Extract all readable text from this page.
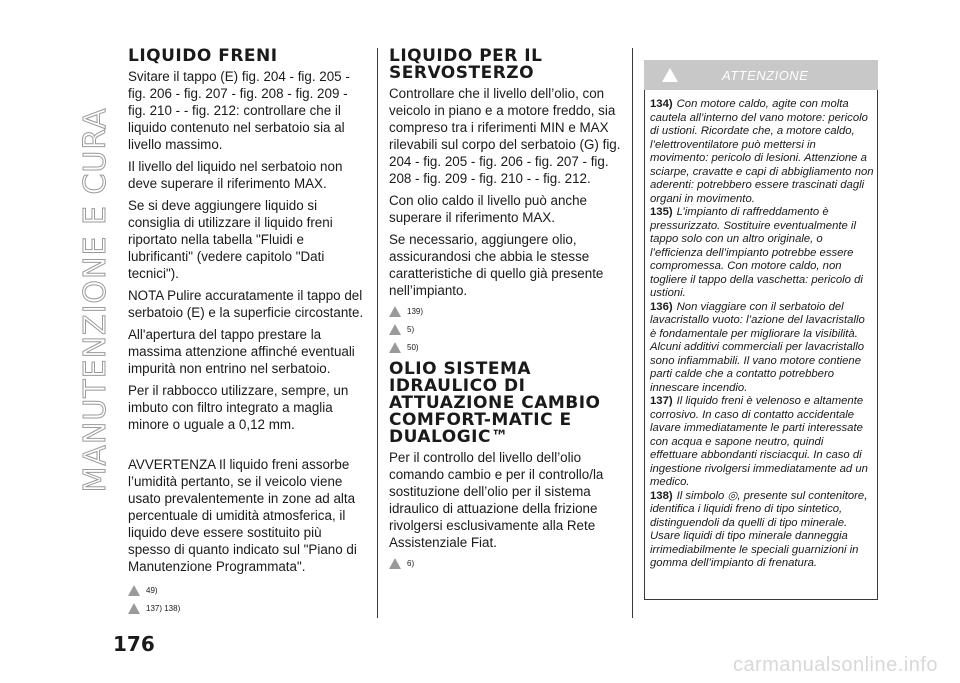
MANUTENZIONE E CURA
176
LIQUIDO FRENI

Svitare il tappo (E) fig. 204 - fig. 205 - fig. 206 - fig. 207 - fig. 208 - fig. 209 - fig. 210 - - fig. 212: controllare che il liquido contenuto nel serbatoio sia al livello massimo.

Il livello del liquido nel serbatoio non deve superare il riferimento MAX.

Se si deve aggiungere liquido si consiglia di utilizzare il liquido freni riportato nella tabella "Fluidi e lubrificanti" (vedere capitolo "Dati tecnici").

NOTA Pulire accuratamente il tappo del serbatoio (E) e la superficie circostante.

All'apertura del tappo prestare la massima attenzione affinché eventuali impurità non entrino nel serbatoio.

Per il rabbocco utilizzare, sempre, un imbuto con filtro integrato a maglia minore o uguale a 0,12 mm.

AVVERTENZA Il liquido freni assorbe l’umidità pertanto, se il veicolo viene usato prevalentemente in zone ad alta percentuale di umidità atmosferica, il liquido deve essere sostituito più spesso di quanto indicato sul "Piano di Manutenzione Programmata".

49)
137) 138)
LIQUIDO PER IL SERVOSTERZO

Controllare che il livello dell’olio, con veicolo in piano e a motore freddo, sia compreso tra i riferimenti MIN e MAX rilevabili sul corpo del serbatoio (G) fig. 204 - fig. 205 - fig. 206 - fig. 207 - fig. 208 - fig. 209 - fig. 210 - - fig. 212.

Con olio caldo il livello può anche superare il riferimento MAX.

Se necessario, aggiungere olio, assicurandosi che abbia le stesse caratteristiche di quello già presente nell’impianto.

139)
5)
50)
OLIO SISTEMA IDRAULICO DI ATTUAZIONE CAMBIO COMFORT-MATIC E DUALOGIC™

Per il controllo del livello dell’olio comando cambio e per il controllo/la sostituzione dell’olio per il sistema idraulico di attuazione della frizione rivolgersi esclusivamente alla Rete Assistenziale Fiat.

6)
ATTENZIONE
134) Con motore caldo, agite con molta cautela all’interno del vano motore: pericolo di ustioni. Ricordate che, a motore caldo, l’elettroventilatore può mettersi in movimento: pericolo di lesioni. Attenzione a sciarpe, cravatte e capi di abbigliamento non aderenti: potrebbero essere trascinati dagli organi in movimento.
135) L’impianto di raffreddamento è pressurizzato. Sostituire eventualmente il tappo solo con un altro originale, o l’efficienza dell’impianto potrebbe essere compromessa. Con motore caldo, non togliere il tappo della vaschetta: pericolo di ustioni.
136) Non viaggiare con il serbatoio del lavacristallo vuoto: l’azione del lavacristallo è fondamentale per migliorare la visibilità. Alcuni additivi commerciali per lavacristallo sono infiammabili. Il vano motore contiene parti calde che a contatto potrebbero innescare incendio.
137) Il liquido freni è velenoso e altamente corrosivo. In caso di contatto accidentale lavare immediatamente le parti interessate con acqua e sapone neutro, quindi effettuare abbondanti risciacqui. In caso di ingestione rivolgersi immediatamente ad un medico.
138) Il simbolo ◎, presente sul contenitore, identifica i liquidi freno di tipo sintetico, distinguendoli da quelli di tipo minerale. Usare liquidi di tipo minerale danneggia irrimediabilmente le speciali guarnizioni in gomma dell’impianto di frenatura.
carmanualsonline.info
